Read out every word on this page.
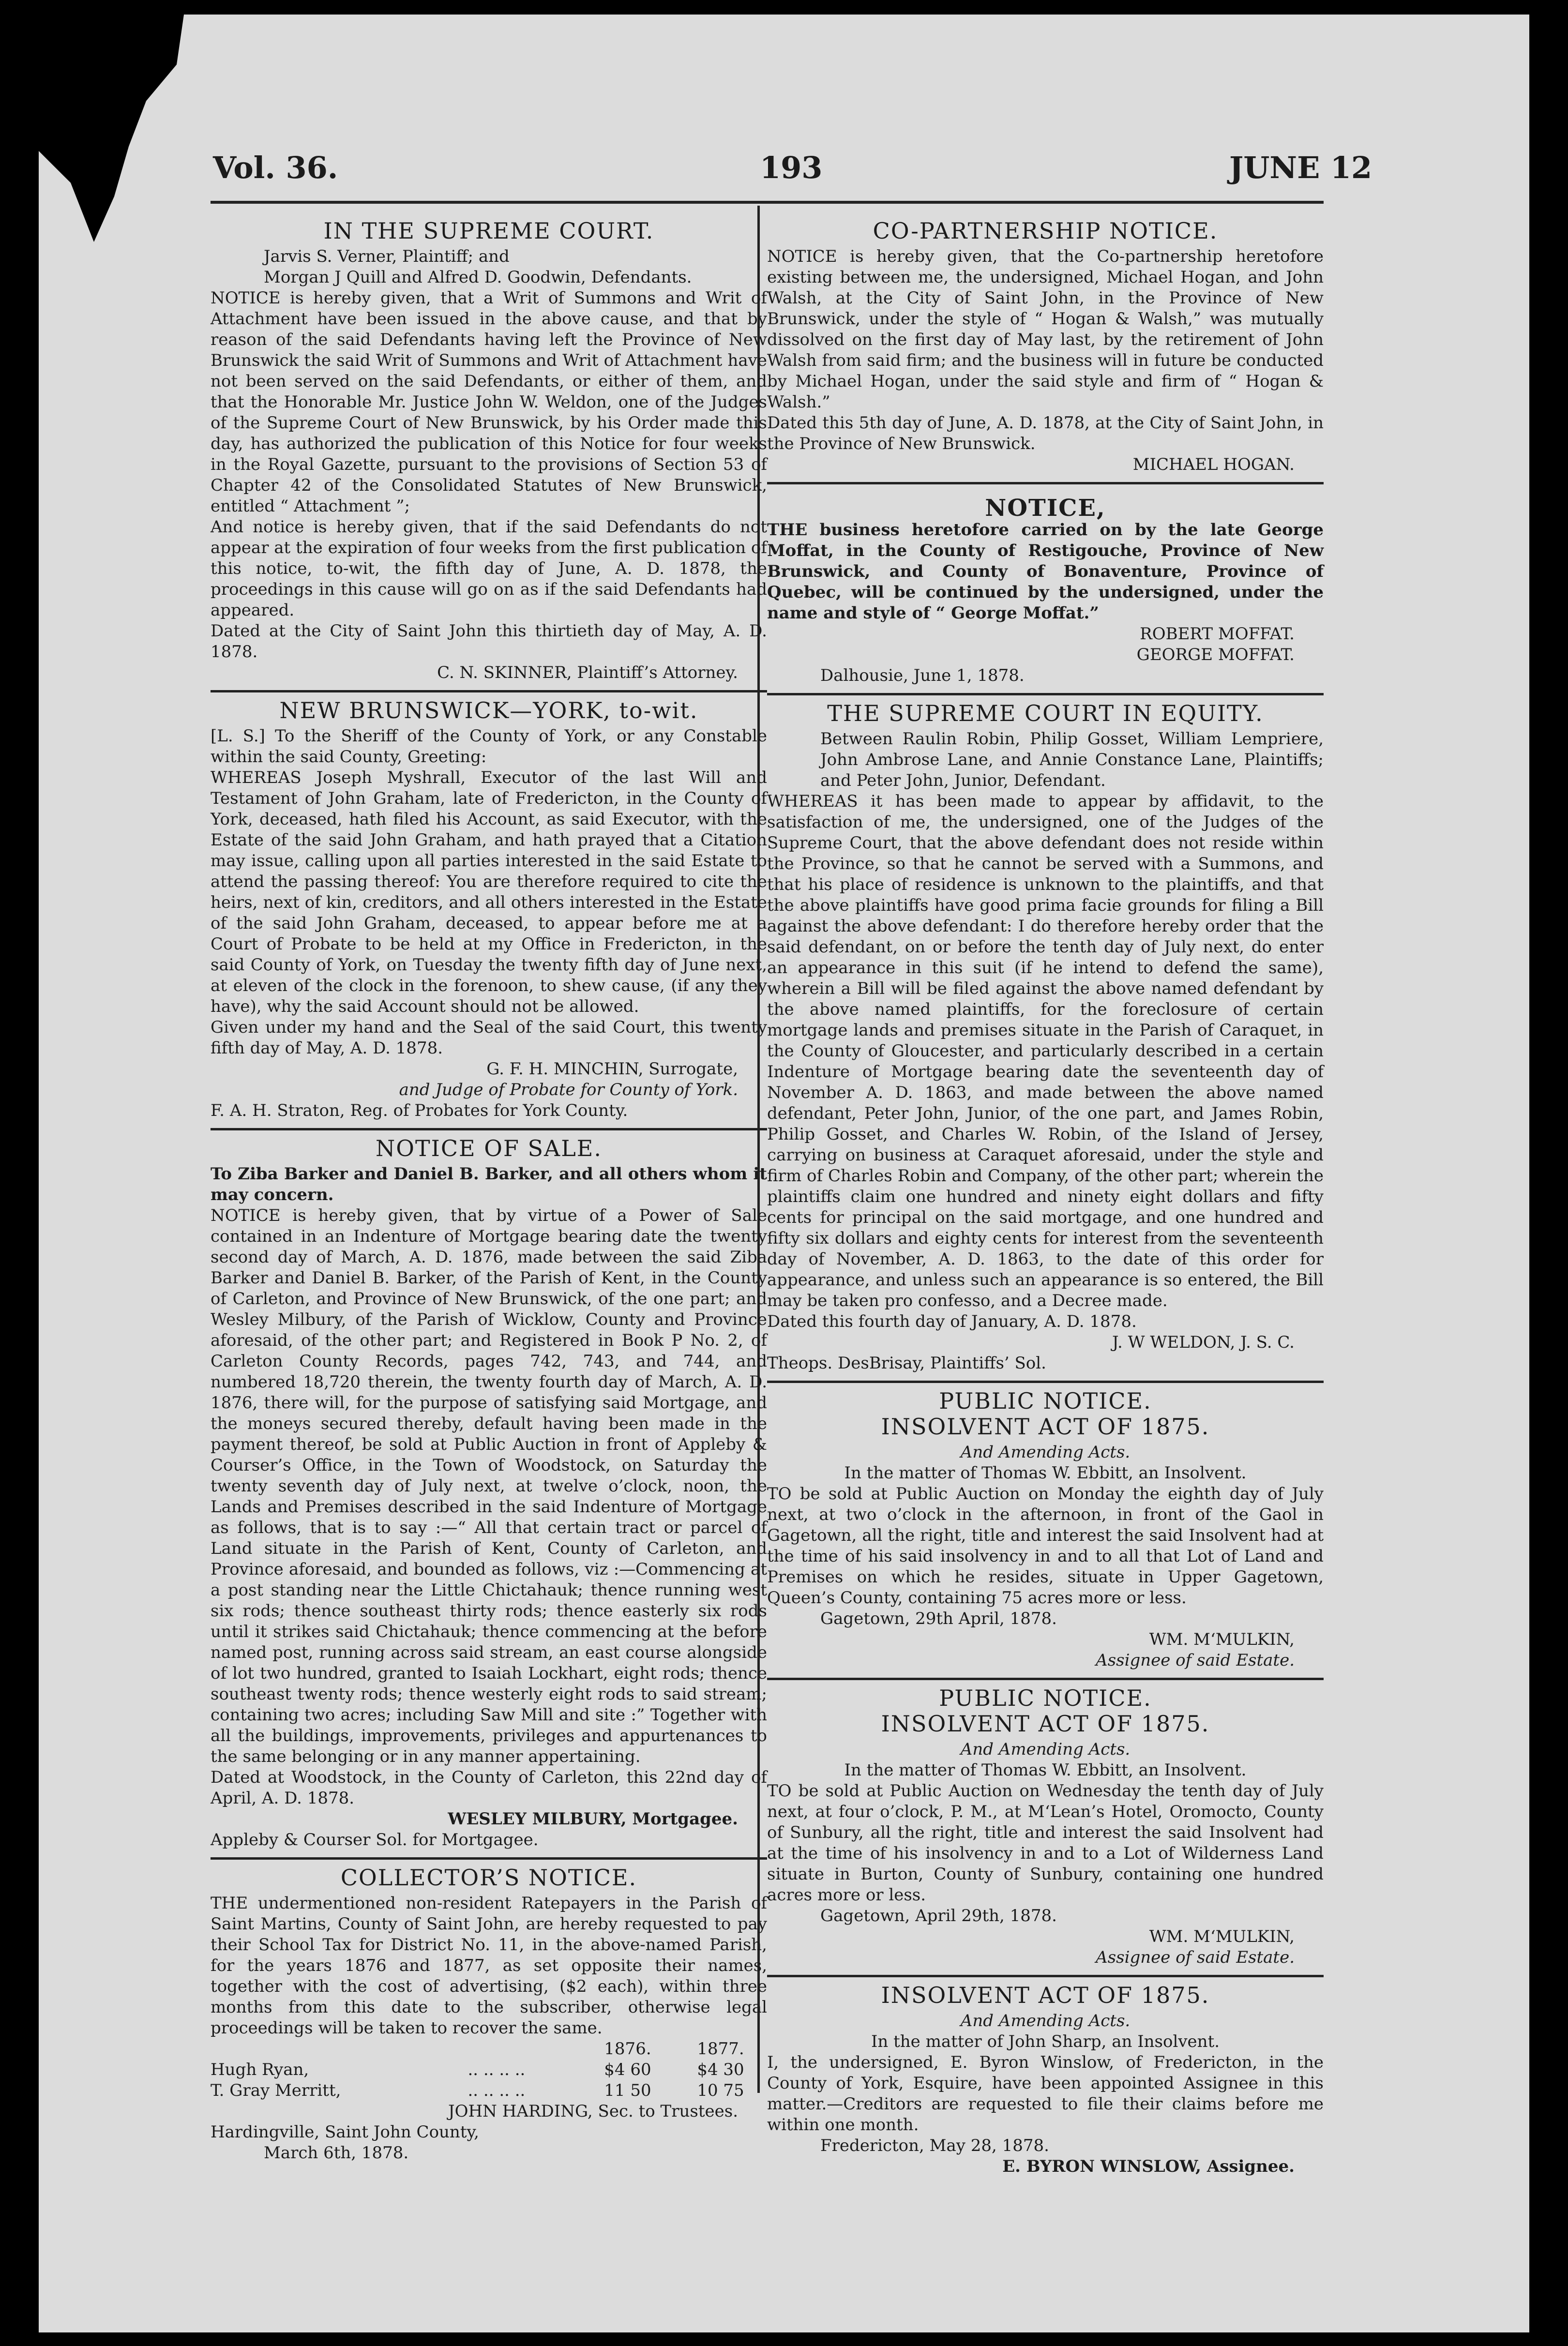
Vol. 36.	193	JUNE 12
IN THE SUPREME COURT.

Jarvis S. Verner, Plaintiff; and

Morgan J Quill and Alfred D. Goodwin, Defendants.

NOTICE is hereby given, that a Writ of Summons and Writ of Attachment have been issued in the above cause, and that by reason of the said Defendants having left the Province of New Brunswick the said Writ of Summons and Writ of Attachment have not been served on the said Defendants, or either of them, and that the Honorable Mr. Justice John W. Weldon, one of the Judges of the Supreme Court of New Brunswick, by his Order made this day, has authorized the publication of this Notice for four weeks in the Royal Gazette, pursuant to the provisions of Section 53 of Chapter 42 of the Consolidated Statutes of New Brunswick, entitled “ Attachment ”;

And notice is hereby given, that if the said Defendants do not appear at the expiration of four weeks from the first publication of this notice, to-wit, the fifth day of June, A. D. 1878, the proceedings in this cause will go on as if the said Defendants had appeared.

Dated at the City of Saint John this thirtieth day of May, A. D. 1878.

C. N. SKINNER, Plaintiff’s Attorney.

NEW BRUNSWICK—YORK, to-wit.

[L. S.] To the Sheriff of the County of York, or any Constable within the said County, Greeting:

WHEREAS Joseph Myshrall, Executor of the last Will and Testament of John Graham, late of Fredericton, in the County of York, deceased, hath filed his Account, as said Executor, with the Estate of the said John Graham, and hath prayed that a Citation may issue, calling upon all parties interested in the said Estate to attend the passing thereof: You are therefore required to cite the heirs, next of kin, creditors, and all others interested in the Estate of the said John Graham, deceased, to appear before me at a Court of Probate to be held at my Office in Fredericton, in the said County of York, on Tuesday the twenty fifth day of June next, at eleven of the clock in the forenoon, to shew cause, (if any they have), why the said Account should not be allowed.

Given under my hand and the Seal of the said Court, this twenty fifth day of May, A. D. 1878.

G. F. H. MINCHIN, Surrogate,

and Judge of Probate for County of York.

F. A. H. Straton, Reg. of Probates for York County.

NOTICE OF SALE.

To Ziba Barker and Daniel B. Barker, and all others whom it may concern.

NOTICE is hereby given, that by virtue of a Power of Sale contained in an Indenture of Mortgage bearing date the twenty second day of March, A. D. 1876, made between the said Ziba Barker and Daniel B. Barker, of the Parish of Kent, in the County of Carleton, and Province of New Brunswick, of the one part; and Wesley Milbury, of the Parish of Wicklow, County and Province aforesaid, of the other part; and Registered in Book P No. 2, of Carleton County Records, pages 742, 743, and 744, and numbered 18,720 therein, the twenty fourth day of March, A. D. 1876, there will, for the purpose of satisfying said Mortgage, and the moneys secured thereby, default having been made in the payment thereof, be sold at Public Auction in front of Appleby & Courser’s Office, in the Town of Woodstock, on Saturday the twenty seventh day of July next, at twelve o’clock, noon, the Lands and Premises described in the said Indenture of Mortgage as follows, that is to say :—“ All that certain tract or parcel of Land situate in the Parish of Kent, County of Carleton, and Province aforesaid, and bounded as follows, viz :—Commencing at a post standing near the Little Chictahauk; thence running west six rods; thence southeast thirty rods; thence easterly six rods until it strikes said Chictahauk; thence commencing at the before named post, running across said stream, an east course alongside of lot two hundred, granted to Isaiah Lockhart, eight rods; thence southeast twenty rods; thence westerly eight rods to said stream; containing two acres; including Saw Mill and site :” Together with all the buildings, improvements, privileges and appurtenances to the same belonging or in any manner appertaining.

Dated at Woodstock, in the County of Carleton, this 22nd day of April, A. D. 1878.

WESLEY MILBURY, Mortgagee.

Appleby & Courser Sol. for Mortgagee.

COLLECTOR’S NOTICE.

THE undermentioned non-resident Ratepayers in the Parish of Saint Martins, County of Saint John, are hereby requested to pay their School Tax for District No. 11, in the above-named Parish, for the years 1876 and 1877, as set opposite their names, together with the cost of advertising, ($2 each), within three months from this date to the subscriber, otherwise legal proceedings will be taken to recover the same.

		1876.	1877.
Hugh Ryan,	.. .. .. ..	$4 60	$4 30
T. Gray Merritt,	.. .. .. ..	11 50	10 75

JOHN HARDING, Sec. to Trustees.

Hardingville, Saint John County,

March 6th, 1878.

CO-PARTNERSHIP NOTICE.

NOTICE is hereby given, that the Co-partnership heretofore existing between me, the undersigned, Michael Hogan, and John Walsh, at the City of Saint John, in the Province of New Brunswick, under the style of “ Hogan & Walsh,” was mutually dissolved on the first day of May last, by the retirement of John Walsh from said firm; and the business will in future be conducted by Michael Hogan, under the said style and firm of “ Hogan & Walsh.”

Dated this 5th day of June, A. D. 1878, at the City of Saint John, in the Province of New Brunswick.

MICHAEL HOGAN.

NOTICE,

THE business heretofore carried on by the late George Moffat, in the County of Restigouche, Province of New Brunswick, and County of Bonaventure, Province of Quebec, will be continued by the undersigned, under the name and style of “ George Moffat.”

ROBERT MOFFAT.

GEORGE MOFFAT.

Dalhousie, June 1, 1878.

THE SUPREME COURT IN EQUITY.

Between Raulin Robin, Philip Gosset, William Lempriere, John Ambrose Lane, and Annie Constance Lane, Plaintiffs; and Peter John, Junior, Defendant.

WHEREAS it has been made to appear by affidavit, to the satisfaction of me, the undersigned, one of the Judges of the Supreme Court, that the above defendant does not reside within the Province, so that he cannot be served with a Summons, and that his place of residence is unknown to the plaintiffs, and that the above plaintiffs have good prima facie grounds for filing a Bill against the above defendant: I do therefore hereby order that the said defendant, on or before the tenth day of July next, do enter an appearance in this suit (if he intend to defend the same), wherein a Bill will be filed against the above named defendant by the above named plaintiffs, for the foreclosure of certain mortgage lands and premises situate in the Parish of Caraquet, in the County of Gloucester, and particularly described in a certain Indenture of Mortgage bearing date the seventeenth day of November A. D. 1863, and made between the above named defendant, Peter John, Junior, of the one part, and James Robin, Philip Gosset, and Charles W. Robin, of the Island of Jersey, carrying on business at Caraquet aforesaid, under the style and firm of Charles Robin and Company, of the other part; wherein the plaintiffs claim one hundred and ninety eight dollars and fifty cents for principal on the said mortgage, and one hundred and fifty six dollars and eighty cents for interest from the seventeenth day of November, A. D. 1863, to the date of this order for appearance, and unless such an appearance is so entered, the Bill may be taken pro confesso, and a Decree made.

Dated this fourth day of January, A. D. 1878.

J. W WELDON, J. S. C.

Theops. DesBrisay, Plaintiffs’ Sol.

PUBLIC NOTICE.
INSOLVENT ACT OF 1875.

And Amending Acts.

In the matter of Thomas W. Ebbitt, an Insolvent.

TO be sold at Public Auction on Monday the eighth day of July next, at two o’clock in the afternoon, in front of the Gaol in Gagetown, all the right, title and interest the said Insolvent had at the time of his said insolvency in and to all that Lot of Land and Premises on which he resides, situate in Upper Gagetown, Queen’s County, containing 75 acres more or less.

Gagetown, 29th April, 1878.

WM. M‘MULKIN,

Assignee of said Estate.

PUBLIC NOTICE.
INSOLVENT ACT OF 1875.

And Amending Acts.

In the matter of Thomas W. Ebbitt, an Insolvent.

TO be sold at Public Auction on Wednesday the tenth day of July next, at four o’clock, P. M., at M‘Lean’s Hotel, Oromocto, County of Sunbury, all the right, title and interest the said Insolvent had at the time of his insolvency in and to a Lot of Wilderness Land situate in Burton, County of Sunbury, containing one hundred acres more or less.

Gagetown, April 29th, 1878.

WM. M‘MULKIN,

Assignee of said Estate.

INSOLVENT ACT OF 1875.

And Amending Acts.

In the matter of John Sharp, an Insolvent.

I, the undersigned, E. Byron Winslow, of Fredericton, in the County of York, Esquire, have been appointed Assignee in this matter.—Creditors are requested to file their claims before me within one month.

Fredericton, May 28, 1878.

E. BYRON WINSLOW, Assignee.
